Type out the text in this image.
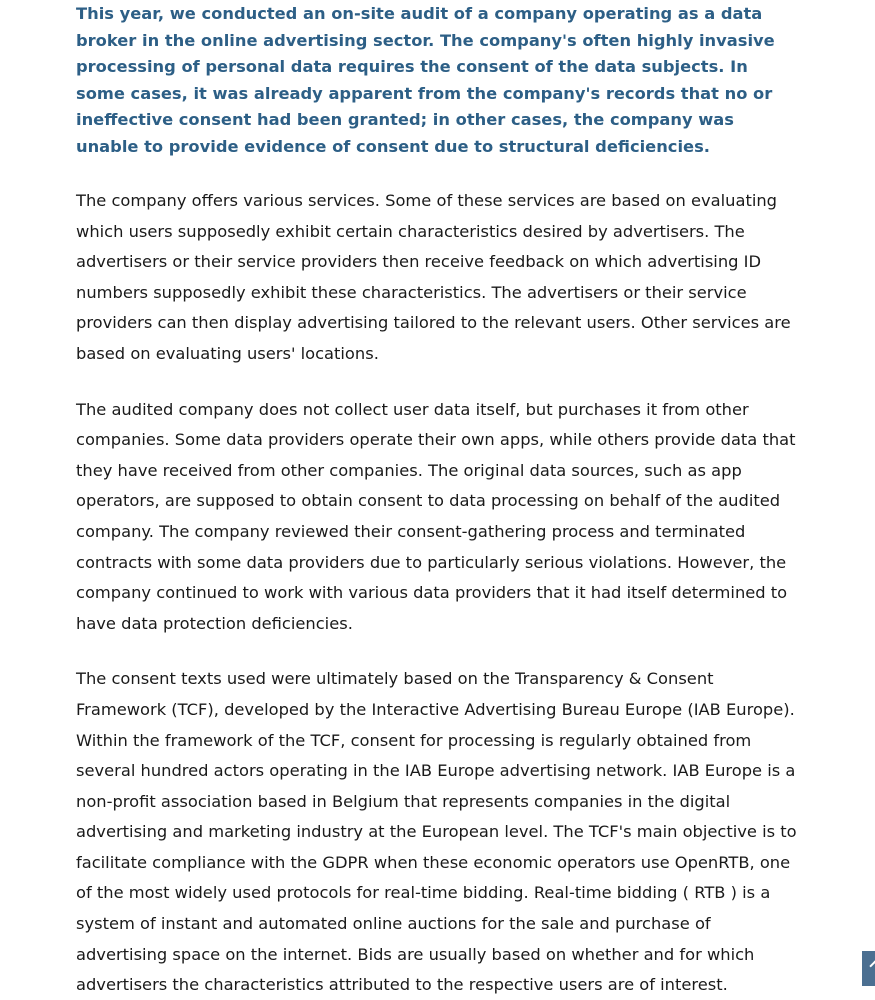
This year, we conducted an on-site audit of a company operating as a data broker in the online advertising sector. The company's often highly invasive processing of personal data requires the consent of the data subjects. In some cases, it was already apparent from the company's records that no or ineffective consent had been granted; in other cases, the company was unable to provide evidence of consent due to structural deficiencies.

The company offers various services. Some of these services are based on evaluating which users supposedly exhibit certain characteristics desired by advertisers. The advertisers or their service providers then receive feedback on which advertising ID numbers supposedly exhibit these characteristics. The advertisers or their service providers can then display advertising tailored to the relevant users. Other services are based on evaluating users' locations.

The audited company does not collect user data itself, but purchases it from other companies. Some data providers operate their own apps, while others provide data that they have received from other companies. The original data sources, such as app operators, are supposed to obtain consent to data processing on behalf of the audited company. The company reviewed their consent-gathering process and terminated contracts with some data providers due to particularly serious violations. However, the company continued to work with various data providers that it had itself determined to have data protection deficiencies.

The consent texts used were ultimately based on the Transparency & Consent Framework (TCF), developed by the Interactive Advertising Bureau Europe (IAB Europe). Within the framework of the TCF, consent for processing is regularly obtained from several hundred actors operating in the IAB Europe advertising network. IAB Europe is a non-profit association based in Belgium that represents companies in the digital advertising and marketing industry at the European level. The TCF's main objective is to facilitate compliance with the GDPR when these economic operators use OpenRTB, one of the most widely used protocols for real-time bidding. Real-time bidding ( RTB ) is a system of instant and automated online auctions for the sale and purchase of advertising space on the internet. Bids are usually based on whether and for which advertisers the characteristics attributed to the respective users are of interest.
